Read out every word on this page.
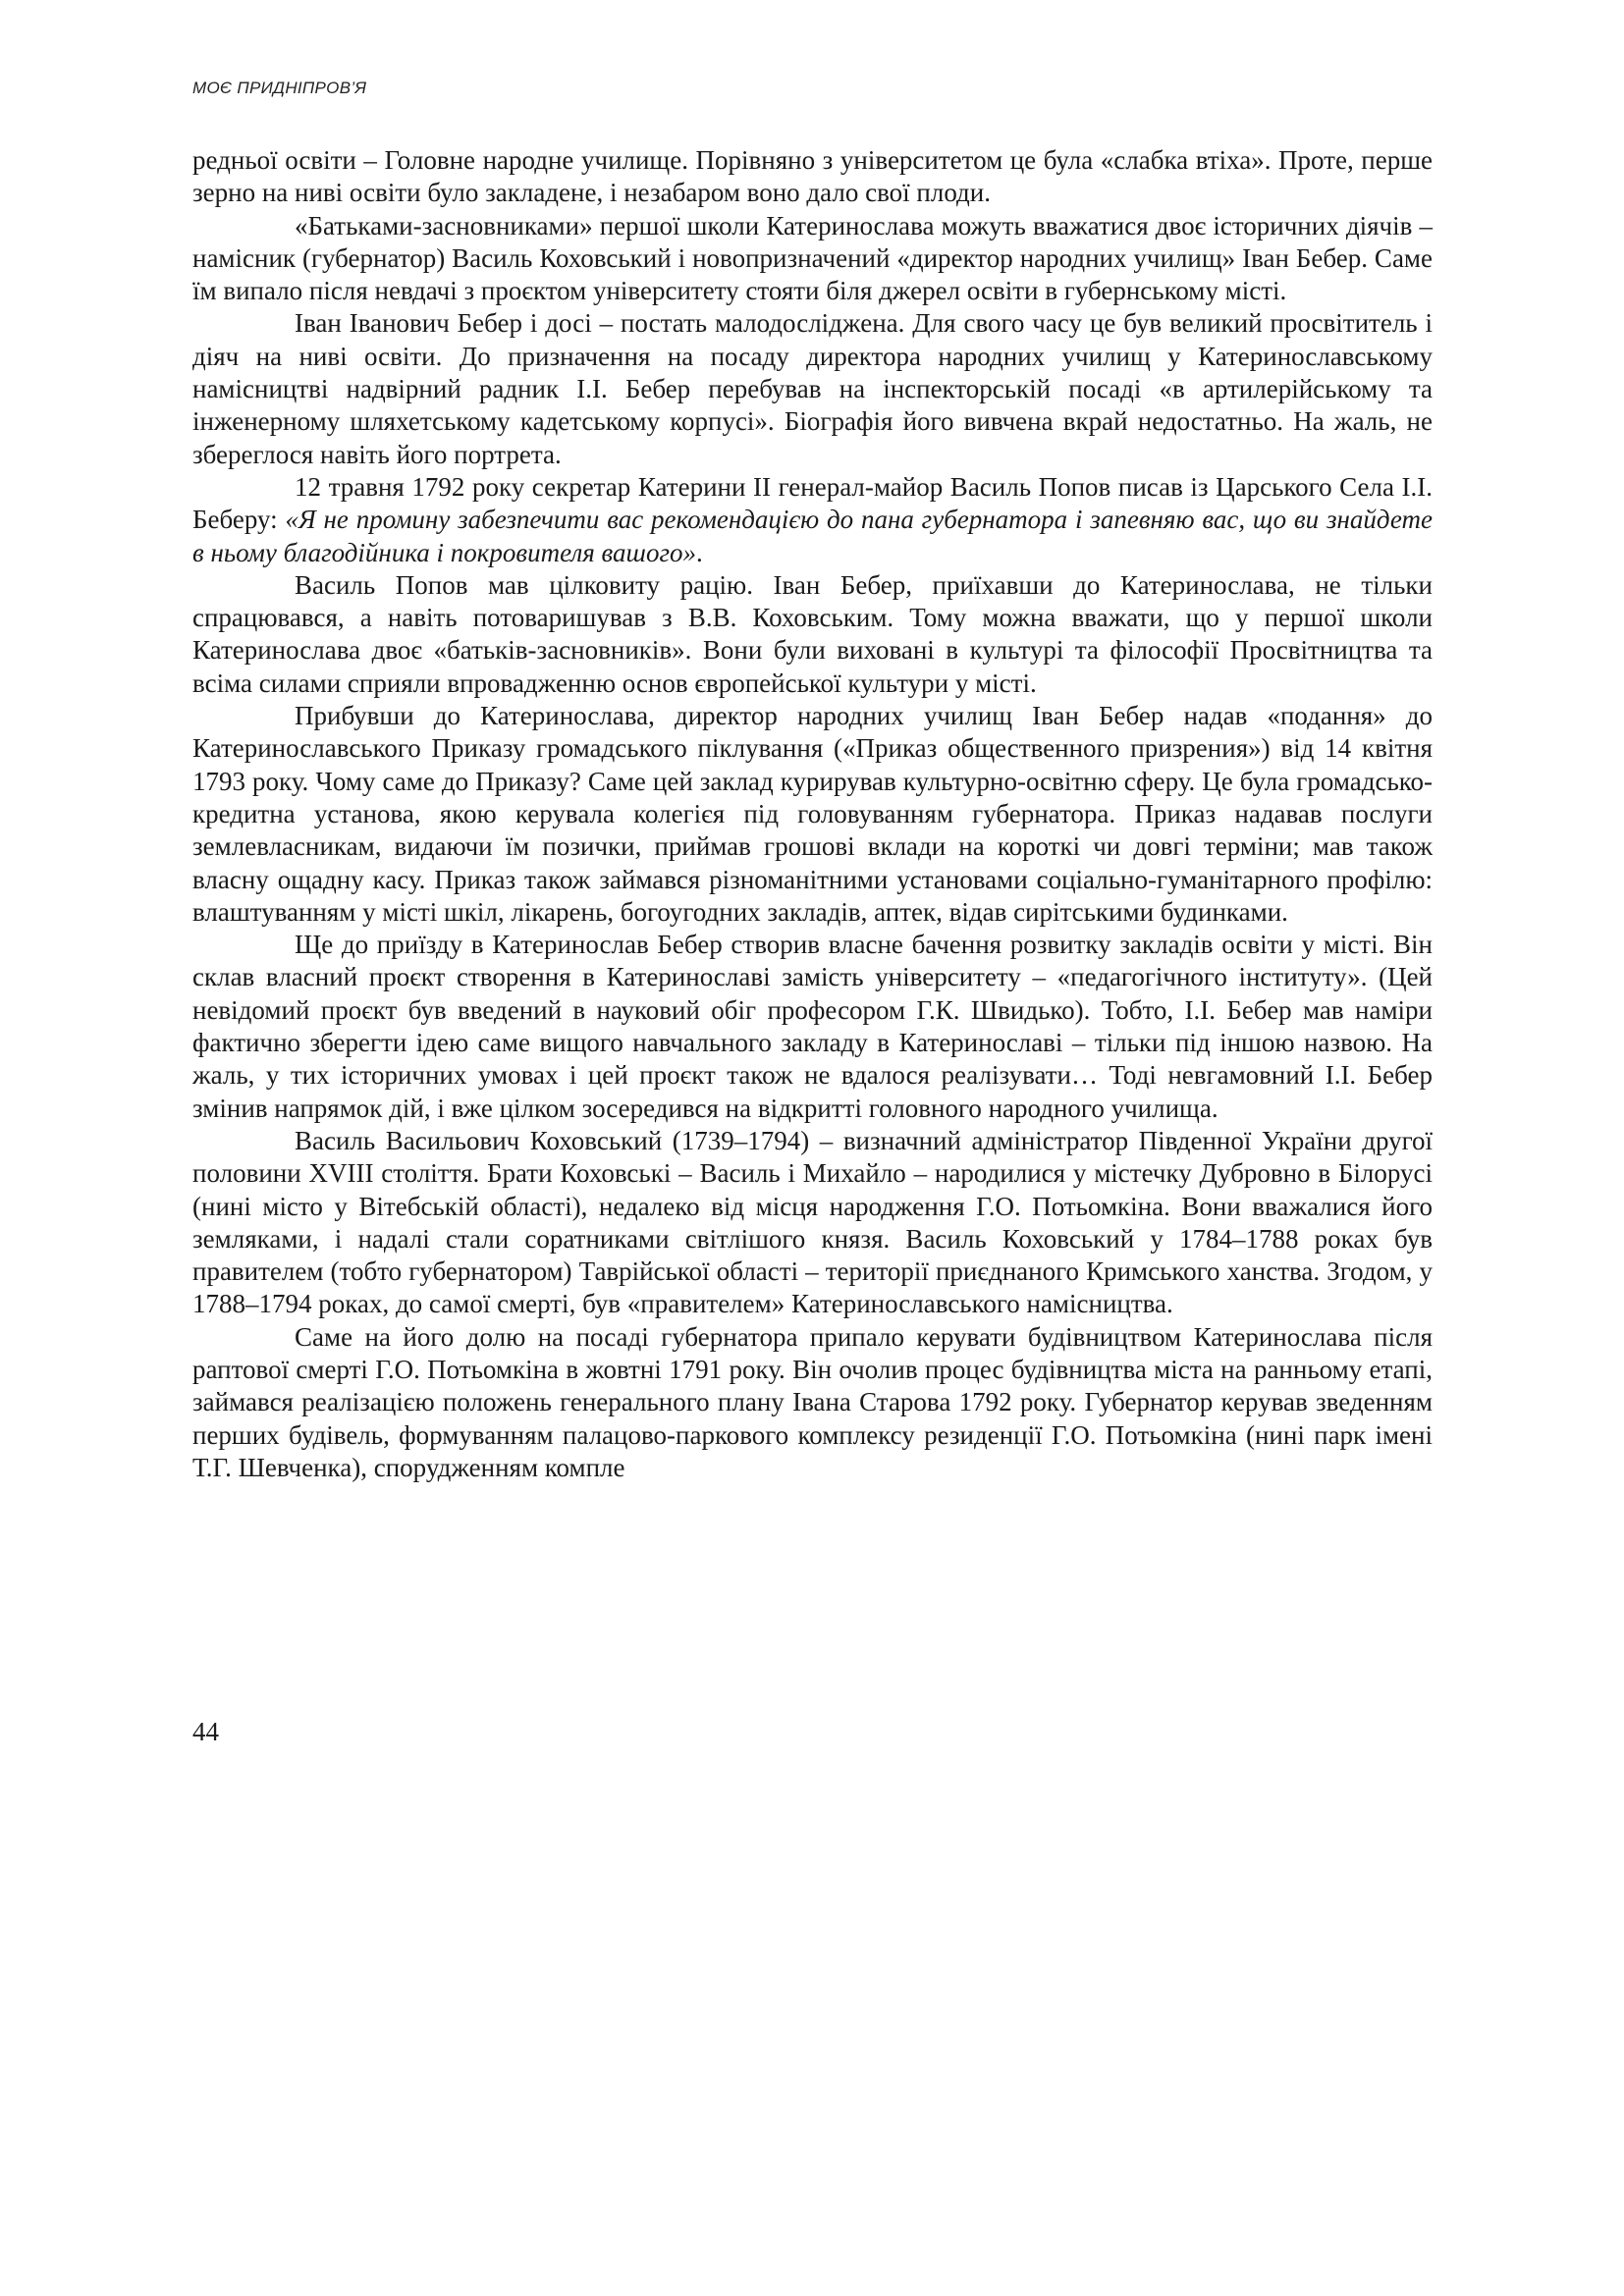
МОЄ ПРИДНІПРОВ’Я

редньої освіти – Головне народне училище. Порівняно з університетом це була «слабка втіха». Проте, перше зерно на ниві освіти було закладене, і незабаром воно дало свої плоди.

«Батьками-засновниками» першої школи Катеринослава можуть вважатися двоє історичних діячів – намісник (губернатор) Василь Коховський і новопризначений «директор народних училищ» Іван Бебер. Саме їм випало після невдачі з проєктом університету стояти біля джерел освіти в губернському місті.

Іван Іванович Бебер і досі – постать малодосліджена. Для свого часу це був великий просвітитель і діяч на ниві освіти. До призначення на посаду директора народних училищ у Катеринославському намісництві надвірний радник І.І. Бебер перебував на інспекторській посаді «в артилерійському та інженерному шляхетському кадетському корпусі». Біографія його вивчена вкрай недостатньо. На жаль, не збереглося навіть його портрета.

12 травня 1792 року секретар Катерини ІІ генерал-майор Василь Попов писав із Царського Села І.І. Беберу: «Я не промину забезпечити вас рекомендацією до пана губернатора і запевняю вас, що ви знайдете в ньому благодійника і покровителя вашого».

Василь Попов мав цілковиту рацію. Іван Бебер, приїхавши до Катеринослава, не тільки спрацювався, а навіть потоваришував з В.В. Коховським. Тому можна вважати, що у першої школи Катеринослава двоє «батьків-засновників». Вони були виховані в культурі та філософії Просвітництва та всіма силами сприяли впровадженню основ європейської культури у місті.

Прибувши до Катеринослава, директор народних училищ Іван Бебер надав «подання» до Катеринославського Приказу громадського піклування («Приказ общественного призрения») від 14 квітня 1793 року. Чому саме до Приказу? Саме цей заклад курирував культурно-освітню сферу. Це була громадсько-кредитна установа, якою керувала колегієя під головуванням губернатора. Приказ надавав послуги землевласникам, видаючи їм позички, приймав грошові вклади на короткі чи довгі терміни; мав також власну ощадну касу. Приказ також займався різноманітними установами соціально-гуманітарного профілю: влаштуванням у місті шкіл, лікарень, богоугодних закладів, аптек, відав сирітськими будинками.

Ще до приїзду в Катеринослав Бебер створив власне бачення розвитку закладів освіти у місті. Він склав власний проєкт створення в Катеринославі замість університету – «педагогічного інституту». (Цей невідомий проєкт був введений в науковий обіг професором Г.К. Швидько). Тобто, І.І. Бебер мав наміри фактично зберегти ідею саме вищого навчального закладу в Катеринославі – тільки під іншою назвою. На жаль, у тих історичних умовах і цей проєкт також не вдалося реалізувати… Тоді невгамовний І.І. Бебер змінив напрямок дій, і вже цілком зосередився на відкритті головного народного училища.

Василь Васильович Коховський (1739–1794) – визначний адміністратор Південної України другої половини XVIII століття. Брати Коховські – Василь і Михайло – народилися у містечку Дубровно в Білорусі (нині місто у Вітебській області), недалеко від місця народження Г.О. Потьомкіна. Вони вважалися його земляками, і надалі стали соратниками світлішого князя. Василь Коховський у 1784–1788 роках був правителем (тобто губернатором) Таврійської області – території приєднаного Кримського ханства. Згодом, у 1788–1794 роках, до самої смерті, був «правителем» Катеринославського намісництва.

Саме на його долю на посаді губернатора припало керувати будівництвом Катеринослава після раптової смерті Г.О. Потьомкіна в жовтні 1791 року. Він очолив процес будівництва міста на ранньому етапі, займався реалізацією положень генерального плану Івана Старова 1792 року. Губернатор керував зведенням перших будівель, формуванням палацово-паркового комплексу резиденції Г.О. Потьомкіна (нині парк імені Т.Г. Шевченка), спорудженням компле

44
